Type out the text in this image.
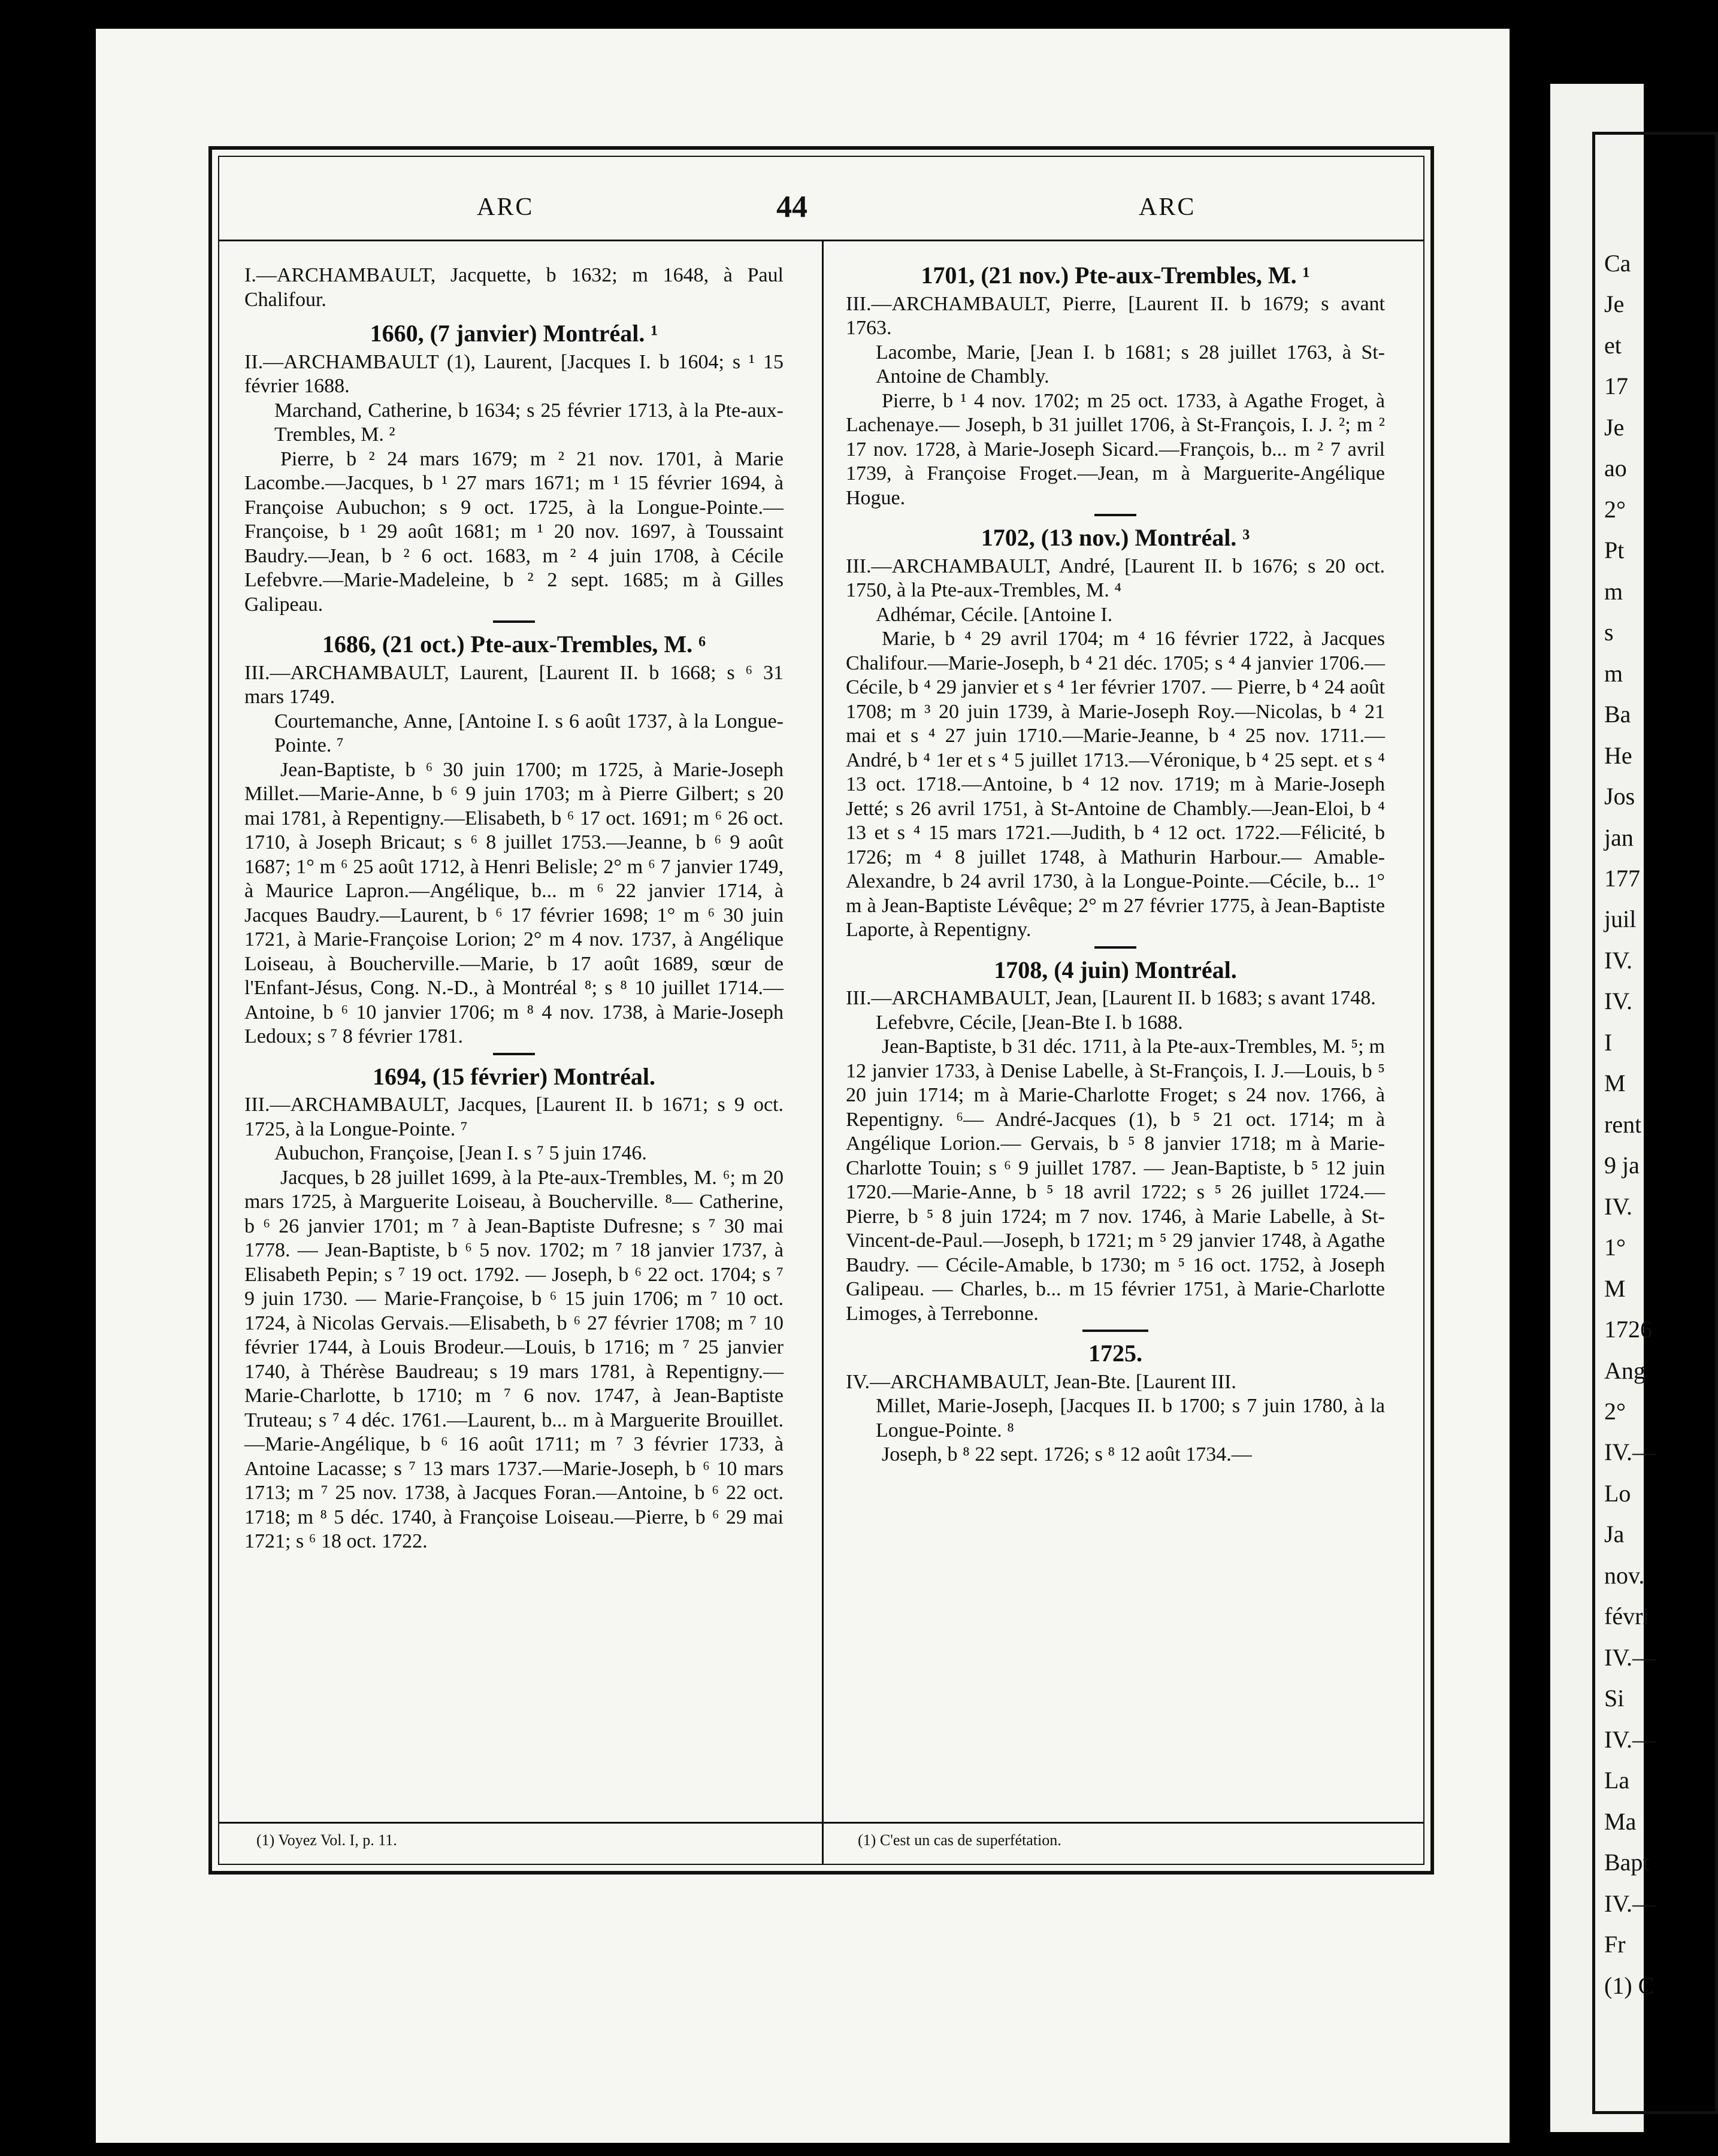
Ca
Je
et
17
Je
ao
2°
Pt
m
s
m
Ba
He
Jos
jan
177
juil
IV.
IV.
I
M
rent
9 ja
IV.
1°
M
1726
Ang
2°
IV.—
Lo
Ja
nov.
févri
IV.—
Si
IV.—
La
Ma
Bapt
IV.—
Fr
(1) C
ARC	44	ARC

I.—ARCHAMBAULT, Jacquette, b 1632; m 1648, à Paul Chalifour.

1660, (7 janvier) Montréal. ¹

II.—ARCHAMBAULT (1), Laurent, [Jacques I. b 1604; s ¹ 15 février 1688.

Marchand, Catherine, b 1634; s 25 février 1713, à la Pte-aux-Trembles, M. ²

Pierre, b ² 24 mars 1679; m ² 21 nov. 1701, à Marie Lacombe.—Jacques, b ¹ 27 mars 1671; m ¹ 15 février 1694, à Françoise Aubuchon; s 9 oct. 1725, à la Longue-Pointe.—Françoise, b ¹ 29 août 1681; m ¹ 20 nov. 1697, à Toussaint Baudry.—Jean, b ² 6 oct. 1683, m ² 4 juin 1708, à Cécile Lefebvre.—Marie-Madeleine, b ² 2 sept. 1685; m à Gilles Galipeau.

1686, (21 oct.) Pte-aux-Trembles, M. ⁶

III.—ARCHAMBAULT, Laurent, [Laurent II. b 1668; s ⁶ 31 mars 1749.

Courtemanche, Anne, [Antoine I. s 6 août 1737, à la Longue-Pointe. ⁷

Jean-Baptiste, b ⁶ 30 juin 1700; m 1725, à Marie-Joseph Millet.—Marie-Anne, b ⁶ 9 juin 1703; m à Pierre Gilbert; s 20 mai 1781, à Repentigny.—Elisabeth, b ⁶ 17 oct. 1691; m ⁶ 26 oct. 1710, à Joseph Bricaut; s ⁶ 8 juillet 1753.—Jeanne, b ⁶ 9 août 1687; 1° m ⁶ 25 août 1712, à Henri Belisle; 2° m ⁶ 7 janvier 1749, à Maurice Lapron.—Angélique, b... m ⁶ 22 janvier 1714, à Jacques Baudry.—Laurent, b ⁶ 17 février 1698; 1° m ⁶ 30 juin 1721, à Marie-Françoise Lorion; 2° m 4 nov. 1737, à Angélique Loiseau, à Boucherville.—Marie, b 17 août 1689, sœur de l'Enfant-Jésus, Cong. N.-D., à Montréal ⁸; s ⁸ 10 juillet 1714.—Antoine, b ⁶ 10 janvier 1706; m ⁸ 4 nov. 1738, à Marie-Joseph Ledoux; s ⁷ 8 février 1781.

1694, (15 février) Montréal.

III.—ARCHAMBAULT, Jacques, [Laurent II. b 1671; s 9 oct. 1725, à la Longue-Pointe. ⁷

Aubuchon, Françoise, [Jean I. s ⁷ 5 juin 1746.

Jacques, b 28 juillet 1699, à la Pte-aux-Trembles, M. ⁶; m 20 mars 1725, à Marguerite Loiseau, à Boucherville. ⁸— Catherine, b ⁶ 26 janvier 1701; m ⁷ à Jean-Baptiste Dufresne; s ⁷ 30 mai 1778. — Jean-Baptiste, b ⁶ 5 nov. 1702; m ⁷ 18 janvier 1737, à Elisabeth Pepin; s ⁷ 19 oct. 1792. — Joseph, b ⁶ 22 oct. 1704; s ⁷ 9 juin 1730. — Marie-Françoise, b ⁶ 15 juin 1706; m ⁷ 10 oct. 1724, à Nicolas Gervais.—Elisabeth, b ⁶ 27 février 1708; m ⁷ 10 février 1744, à Louis Brodeur.—Louis, b 1716; m ⁷ 25 janvier 1740, à Thérèse Baudreau; s 19 mars 1781, à Repentigny.—Marie-Charlotte, b 1710; m ⁷ 6 nov. 1747, à Jean-Baptiste Truteau; s ⁷ 4 déc. 1761.—Laurent, b... m à Marguerite Brouillet.—Marie-Angélique, b ⁶ 16 août 1711; m ⁷ 3 février 1733, à Antoine Lacasse; s ⁷ 13 mars 1737.—Marie-Joseph, b ⁶ 10 mars 1713; m ⁷ 25 nov. 1738, à Jacques Foran.—Antoine, b ⁶ 22 oct. 1718; m ⁸ 5 déc. 1740, à Françoise Loiseau.—Pierre, b ⁶ 29 mai 1721; s ⁶ 18 oct. 1722.

1701, (21 nov.) Pte-aux-Trembles, M. ¹

III.—ARCHAMBAULT, Pierre, [Laurent II. b 1679; s avant 1763.

Lacombe, Marie, [Jean I. b 1681; s 28 juillet 1763, à St-Antoine de Chambly.

Pierre, b ¹ 4 nov. 1702; m 25 oct. 1733, à Agathe Froget, à Lachenaye.— Joseph, b 31 juillet 1706, à St-François, I. J. ²; m ² 17 nov. 1728, à Marie-Joseph Sicard.—François, b... m ² 7 avril 1739, à Françoise Froget.—Jean, m à Marguerite-Angélique Hogue.

1702, (13 nov.) Montréal. ³

III.—ARCHAMBAULT, André, [Laurent II. b 1676; s 20 oct. 1750, à la Pte-aux-Trembles, M. ⁴

Adhémar, Cécile. [Antoine I.

Marie, b ⁴ 29 avril 1704; m ⁴ 16 février 1722, à Jacques Chalifour.—Marie-Joseph, b ⁴ 21 déc. 1705; s ⁴ 4 janvier 1706.— Cécile, b ⁴ 29 janvier et s ⁴ 1er février 1707. — Pierre, b ⁴ 24 août 1708; m ³ 20 juin 1739, à Marie-Joseph Roy.—Nicolas, b ⁴ 21 mai et s ⁴ 27 juin 1710.—Marie-Jeanne, b ⁴ 25 nov. 1711.—André, b ⁴ 1er et s ⁴ 5 juillet 1713.—Véronique, b ⁴ 25 sept. et s ⁴ 13 oct. 1718.—Antoine, b ⁴ 12 nov. 1719; m à Marie-Joseph Jetté; s 26 avril 1751, à St-Antoine de Chambly.—Jean-Eloi, b ⁴ 13 et s ⁴ 15 mars 1721.—Judith, b ⁴ 12 oct. 1722.—Félicité, b 1726; m ⁴ 8 juillet 1748, à Mathurin Harbour.— Amable-Alexandre, b 24 avril 1730, à la Longue-Pointe.—Cécile, b... 1° m à Jean-Baptiste Lévêque; 2° m 27 février 1775, à Jean-Baptiste Laporte, à Repentigny.

1708, (4 juin) Montréal.

III.—ARCHAMBAULT, Jean, [Laurent II. b 1683; s avant 1748.

Lefebvre, Cécile, [Jean-Bte I. b 1688.

Jean-Baptiste, b 31 déc. 1711, à la Pte-aux-Trembles, M. ⁵; m 12 janvier 1733, à Denise Labelle, à St-François, I. J.—Louis, b ⁵ 20 juin 1714; m à Marie-Charlotte Froget; s 24 nov. 1766, à Repentigny. ⁶— André-Jacques (1), b ⁵ 21 oct. 1714; m à Angélique Lorion.— Gervais, b ⁵ 8 janvier 1718; m à Marie-Charlotte Touin; s ⁶ 9 juillet 1787. — Jean-Baptiste, b ⁵ 12 juin 1720.—Marie-Anne, b ⁵ 18 avril 1722; s ⁵ 26 juillet 1724.— Pierre, b ⁵ 8 juin 1724; m 7 nov. 1746, à Marie Labelle, à St-Vincent-de-Paul.—Joseph, b 1721; m ⁵ 29 janvier 1748, à Agathe Baudry. — Cécile-Amable, b 1730; m ⁵ 16 oct. 1752, à Joseph Galipeau. — Charles, b... m 15 février 1751, à Marie-Charlotte Limoges, à Terrebonne.

1725.

IV.—ARCHAMBAULT, Jean-Bte. [Laurent III.

Millet, Marie-Joseph, [Jacques II. b 1700; s 7 juin 1780, à la Longue-Pointe. ⁸

Joseph, b ⁸ 22 sept. 1726; s ⁸ 12 août 1734.—

(1) Voyez Vol. I, p. 11.	(1) C'est un cas de superfétation.
